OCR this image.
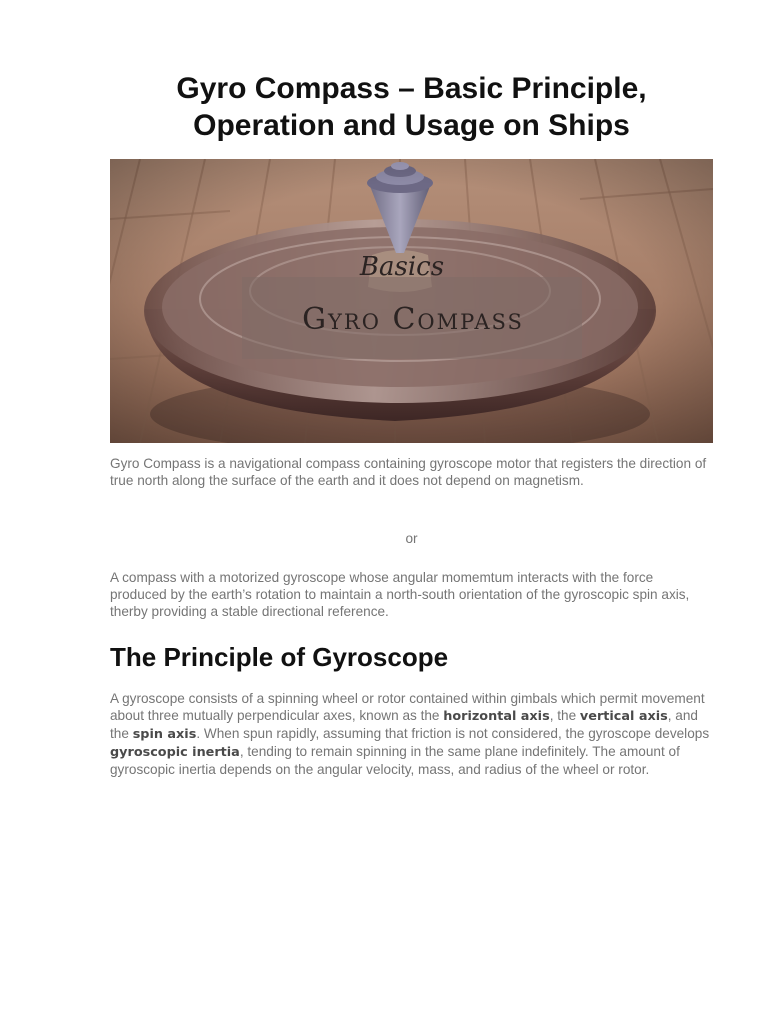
Gyro Compass – Basic Principle,
Operation and Usage on Ships

Gyro Compass is a navigational compass containing gyroscope motor that registers the direction of true north along the surface of the earth and it does not depend on magnetism.

or

A compass with a motorized gyroscope whose angular momemtum interacts with the force produced by the earth’s rotation to maintain a north-south orientation of the gyroscopic spin axis, therby providing a stable directional reference.

The Principle of Gyroscope

A gyroscope consists of a spinning wheel or rotor contained within gimbals which permit movement about three mutually perpendicular axes, known as the horizontal axis, the vertical axis, and the spin axis. When spun rapidly, assuming that friction is not considered, the gyroscope develops gyroscopic inertia, tending to remain spinning in the same plane indefinitely. The amount of gyroscopic inertia depends on the angular velocity, mass, and radius of the wheel or rotor.
